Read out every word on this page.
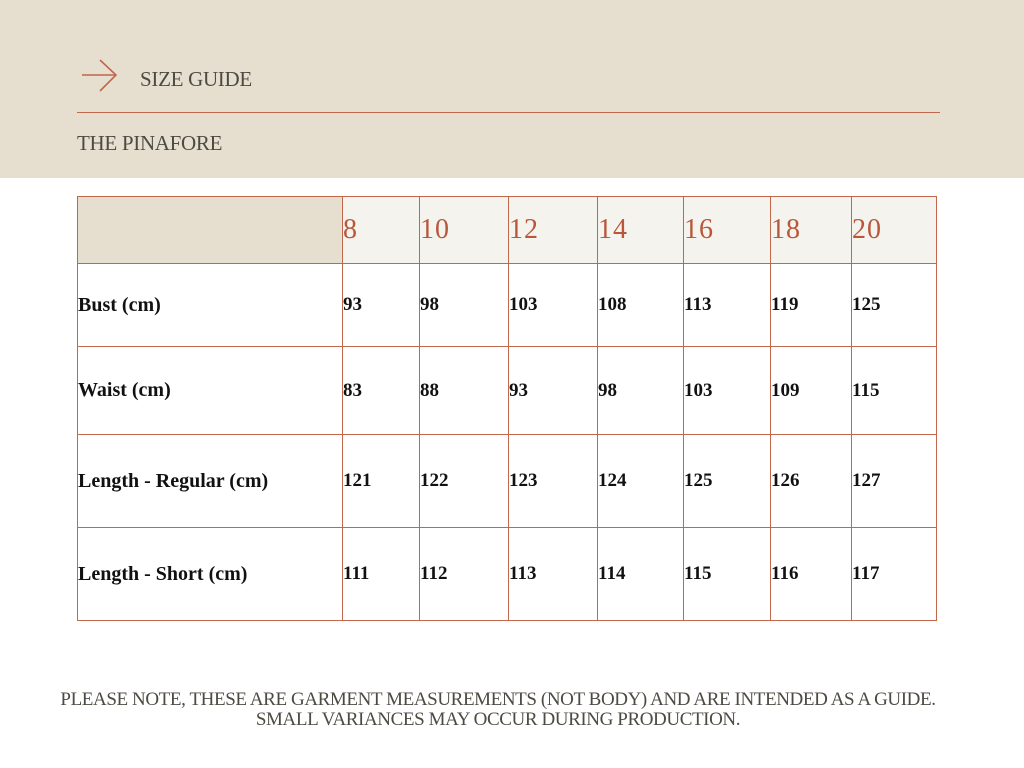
SIZE GUIDE
THE PINAFORE
	8	10	12	14	16	18	20
Bust (cm)	93	98	103	108	113	119	125
Waist (cm)	83	88	93	98	103	109	115
Length - Regular (cm)	121	122	123	124	125	126	127
Length - Short (cm)	111	112	113	114	115	116	117
PLEASE NOTE, THESE ARE GARMENT MEASUREMENTS (NOT BODY) AND ARE INTENDED AS A GUIDE. SMALL VARIANCES MAY OCCUR DURING PRODUCTION.
